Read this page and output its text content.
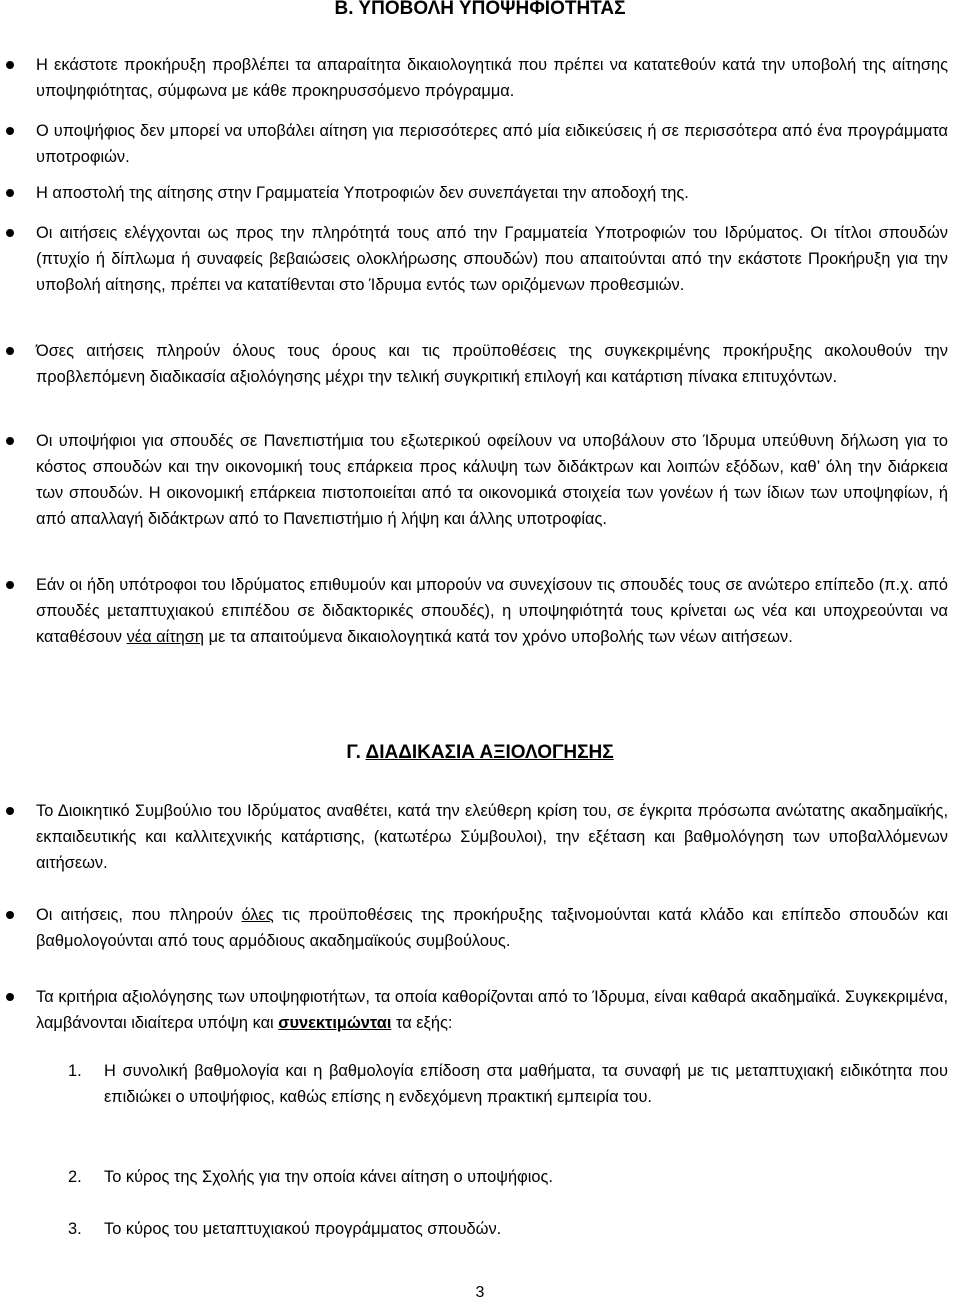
Β. ΥΠΟΒΟΛΗ ΥΠΟΨΗΦΙΟΤΗΤΑΣ

Η εκάστοτε προκήρυξη προβλέπει τα απαραίτητα δικαιολογητικά που πρέπει να κατατεθούν κατά την υποβολή της αίτησης υποψηφιότητας, σύμφωνα με κάθε προκηρυσσόμενο πρόγραμμα.

Ο υποψήφιος δεν μπορεί να υποβάλει αίτηση για περισσότερες από μία ειδικεύσεις ή σε περισσότερα από ένα προγράμματα υποτροφιών.

Η αποστολή της αίτησης στην Γραμματεία Υποτροφιών δεν συνεπάγεται την αποδοχή της.

Οι αιτήσεις ελέγχονται ως προς την πληρότητά τους από την Γραμματεία Υποτροφιών του Ιδρύματος. Οι τίτλοι σπουδών (πτυχίο ή δίπλωμα ή συναφείς βεβαιώσεις ολοκλήρωσης σπουδών) που απαιτούνται από την εκάστοτε Προκήρυξη για την υποβολή αίτησης, πρέπει να κατατίθενται στο Ίδρυμα εντός των οριζόμενων προθεσμιών.

Όσες αιτήσεις πληρούν όλους τους όρους και τις προϋποθέσεις της συγκεκριμένης προκήρυξης ακολουθούν την προβλεπόμενη διαδικασία αξιολόγησης μέχρι την τελική συγκριτική επιλογή και κατάρτιση πίνακα επιτυχόντων.

Οι υποψήφιοι για σπουδές σε Πανεπιστήμια του εξωτερικού οφείλουν να υποβάλουν στο Ίδρυμα υπεύθυνη δήλωση για το κόστος σπουδών και την οικονομική τους επάρκεια προς κάλυψη των διδάκτρων και λοιπών εξόδων, καθ’ όλη την διάρκεια των σπουδών. Η οικονομική επάρκεια πιστοποιείται από τα οικονομικά στοιχεία των γονέων ή των ίδιων των υποψηφίων, ή από απαλλαγή διδάκτρων από το Πανεπιστήμιο ή λήψη και άλλης υποτροφίας.

Εάν οι ήδη υπότροφοι του Ιδρύματος επιθυμούν και μπορούν να συνεχίσουν τις σπουδές τους σε ανώτερο επίπεδο (π.χ. από σπουδές μεταπτυχιακού επιπέδου σε διδακτορικές σπουδές), η υποψηφιότητά τους κρίνεται ως νέα και υποχρεούνται να καταθέσουν νέα αίτηση με τα απαιτούμενα δικαιολογητικά κατά τον χρόνο υποβολής των νέων αιτήσεων.

Γ. ΔΙΑΔΙΚΑΣΙΑ ΑΞΙΟΛΟΓΗΣΗΣ

Το Διοικητικό Συμβούλιο του Ιδρύματος αναθέτει, κατά την ελεύθερη κρίση του, σε έγκριτα πρόσωπα ανώτατης ακαδημαϊκής, εκπαιδευτικής και καλλιτεχνικής κατάρτισης, (κατωτέρω Σύμβουλοι), την εξέταση και βαθμολόγηση των υποβαλλόμενων αιτήσεων.

Οι αιτήσεις, που πληρούν όλες τις προϋποθέσεις της προκήρυξης ταξινομούνται κατά κλάδο και επίπεδο σπουδών και βαθμολογούνται από τους αρμόδιους ακαδημαϊκούς συμβούλους.

Τα κριτήρια αξιολόγησης των υποψηφιοτήτων, τα οποία καθορίζονται από το Ίδρυμα, είναι καθαρά ακαδημαϊκά. Συγκεκριμένα, λαμβάνονται ιδιαίτερα υπόψη και συνεκτιμώνται τα εξής:

1. Η συνολική βαθμολογία και η βαθμολογία επίδοση στα μαθήματα, τα συναφή με τις μεταπτυχιακή ειδικότητα που επιδιώκει ο υποψήφιος, καθώς επίσης η ενδεχόμενη πρακτική εμπειρία του.

2. Το κύρος της Σχολής για την οποία κάνει αίτηση ο υποψήφιος.

3. Το κύρος του μεταπτυχιακού προγράμματος σπουδών.

3
